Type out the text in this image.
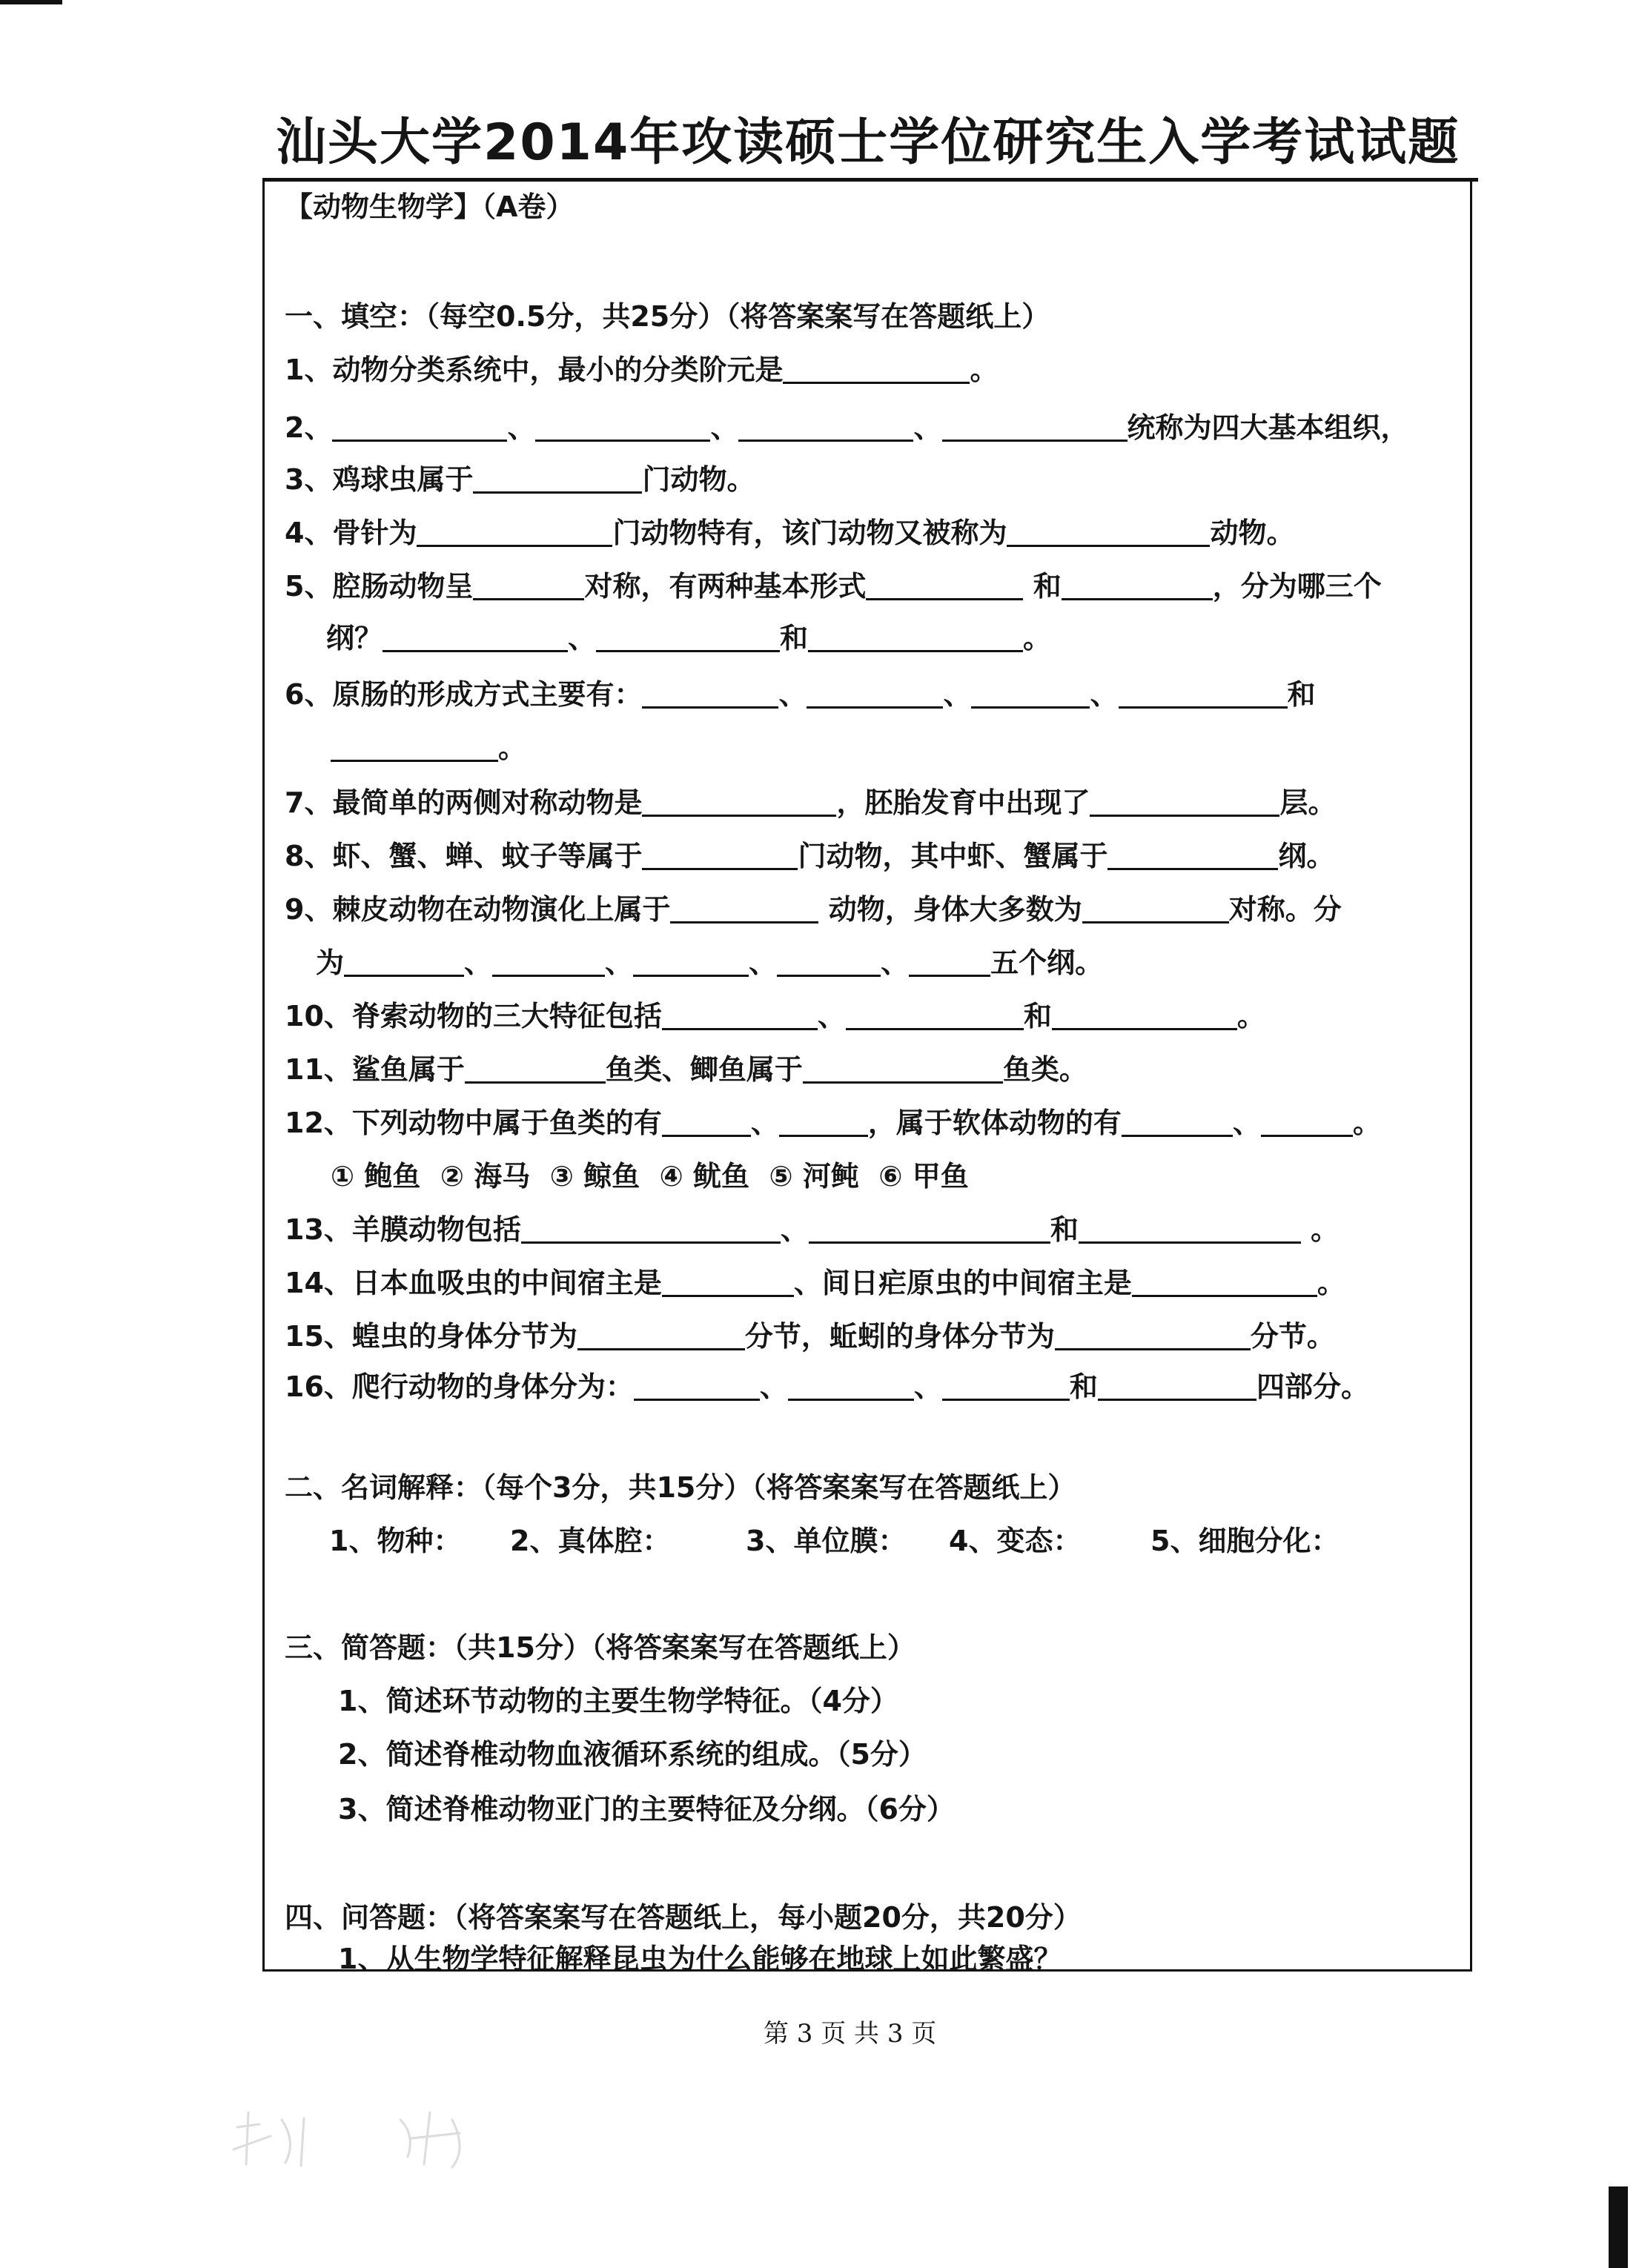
汕头大学2014年攻读硕士学位研究生入学考试试题
【动物生物学】（A卷）
一、填空：（每空0.5分，共25分）（将答案案写在答题纸上）
1、动物分类系统中，最小的分类阶元是	。
2、	、	、	、	统称为四大基本组织，
3、鸡球虫属于	门动物。
4、骨针为	门动物特有，该门动物又被称为	动物。
5、腔肠动物呈	对称，有两种基本形式	和	，分为哪三个
纲？	、	和	。
6、原肠的形成方式主要有：	、	、	、	和
。
7、最简单的两侧对称动物是	，胚胎发育中出现了	层。
8、虾、蟹、蝉、蚊子等属于	门动物，其中虾、蟹属于	纲。
9、棘皮动物在动物演化上属于	动物，身体大多数为	对称。分
为	、	、	、	、	五个纲。
10、脊索动物的三大特征包括	、	和	。
11、鲨鱼属于	鱼类、鲫鱼属于	鱼类。
12、下列动物中属于鱼类的有	、	，属于软体动物的有	、	。
① 鲍鱼  ② 海马  ③ 鲸鱼  ④ 鱿鱼  ⑤ 河鲀  ⑥ 甲鱼
13、羊膜动物包括	、	和	。
14、日本血吸虫的中间宿主是	、间日疟原虫的中间宿主是	。
15、蝗虫的身体分节为	分节，蚯蚓的身体分节为	分节。
16、爬行动物的身体分为：	、	、	和	四部分。
二、名词解释：（每个3分，共15分）（将答案案写在答题纸上）
1、物种： 2、真体腔：	3、单位膜： 4、变态： 5、细胞分化：
三、简答题：（共15分）（将答案案写在答题纸上）
1、简述环节动物的主要生物学特征。（4分）
2、简述脊椎动物血液循环系统的组成。（5分）
3、简述脊椎动物亚门的主要特征及分纲。（6分）
四、问答题：（将答案案写在答题纸上，每小题20分，共20分）
1、从生物学特征解释昆虫为什么能够在地球上如此繁盛？
第 3 页 共 3 页
